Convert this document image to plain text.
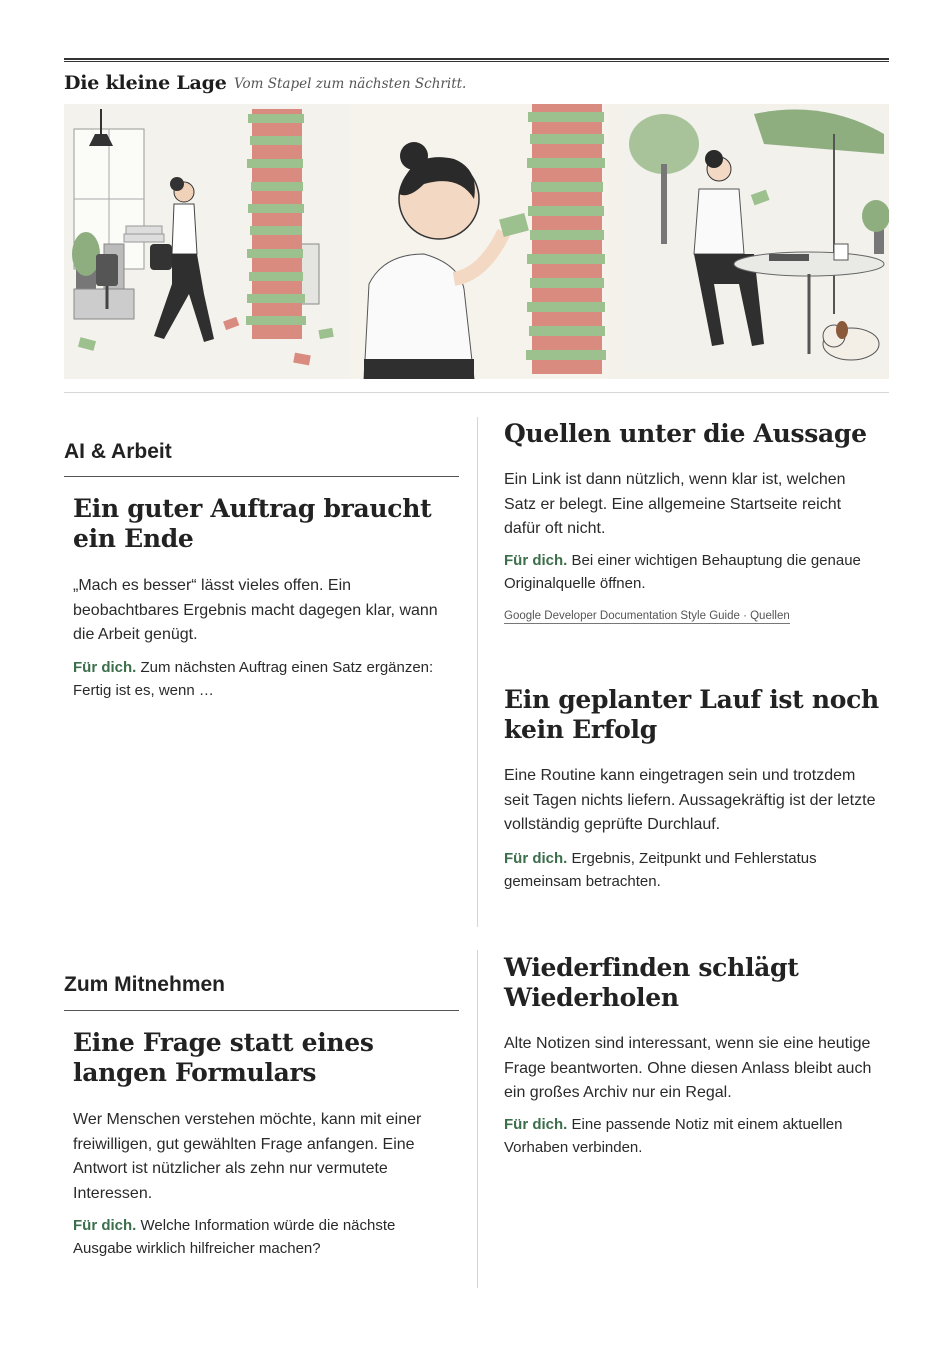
Die kleine Lage Vom Stapel zum nächsten Schritt.
AI & Arbeit
Ein guter Auftrag braucht ein Ende

„Mach es besser“ lässt vieles offen. Ein beobachtbares Ergebnis macht dagegen klar, wann die Arbeit genügt.

Für dich. Zum nächsten Auftrag einen Satz ergänzen: Fertig ist es, wenn …

Quellen unter die Aussage

Ein Link ist dann nützlich, wenn klar ist, welchen Satz er belegt. Eine allgemeine Startseite reicht dafür oft nicht.

Für dich. Bei einer wichtigen Behauptung die genaue Originalquelle öffnen.

Google Developer Documentation Style Guide · Quellen
Ein geplanter Lauf ist noch kein Erfolg

Eine Routine kann eingetragen sein und trotzdem seit Tagen nichts liefern. Aussagekräftig ist der letzte vollständig geprüfte Durchlauf.

Für dich. Ergebnis, Zeitpunkt und Fehlerstatus gemeinsam betrachten.

Zum Mitnehmen
Eine Frage statt eines langen Formulars

Wer Menschen verstehen möchte, kann mit einer freiwilligen, gut gewählten Frage anfangen. Eine Antwort ist nützlicher als zehn nur vermutete Interessen.

Für dich. Welche Information würde die nächste Ausgabe wirklich hilfreicher machen?

Wiederfinden schlägt Wiederholen

Alte Notizen sind interessant, wenn sie eine heutige Frage beantworten. Ohne diesen Anlass bleibt auch ein großes Archiv nur ein Regal.

Für dich. Eine passende Notiz mit einem aktuellen Vorhaben verbinden.
